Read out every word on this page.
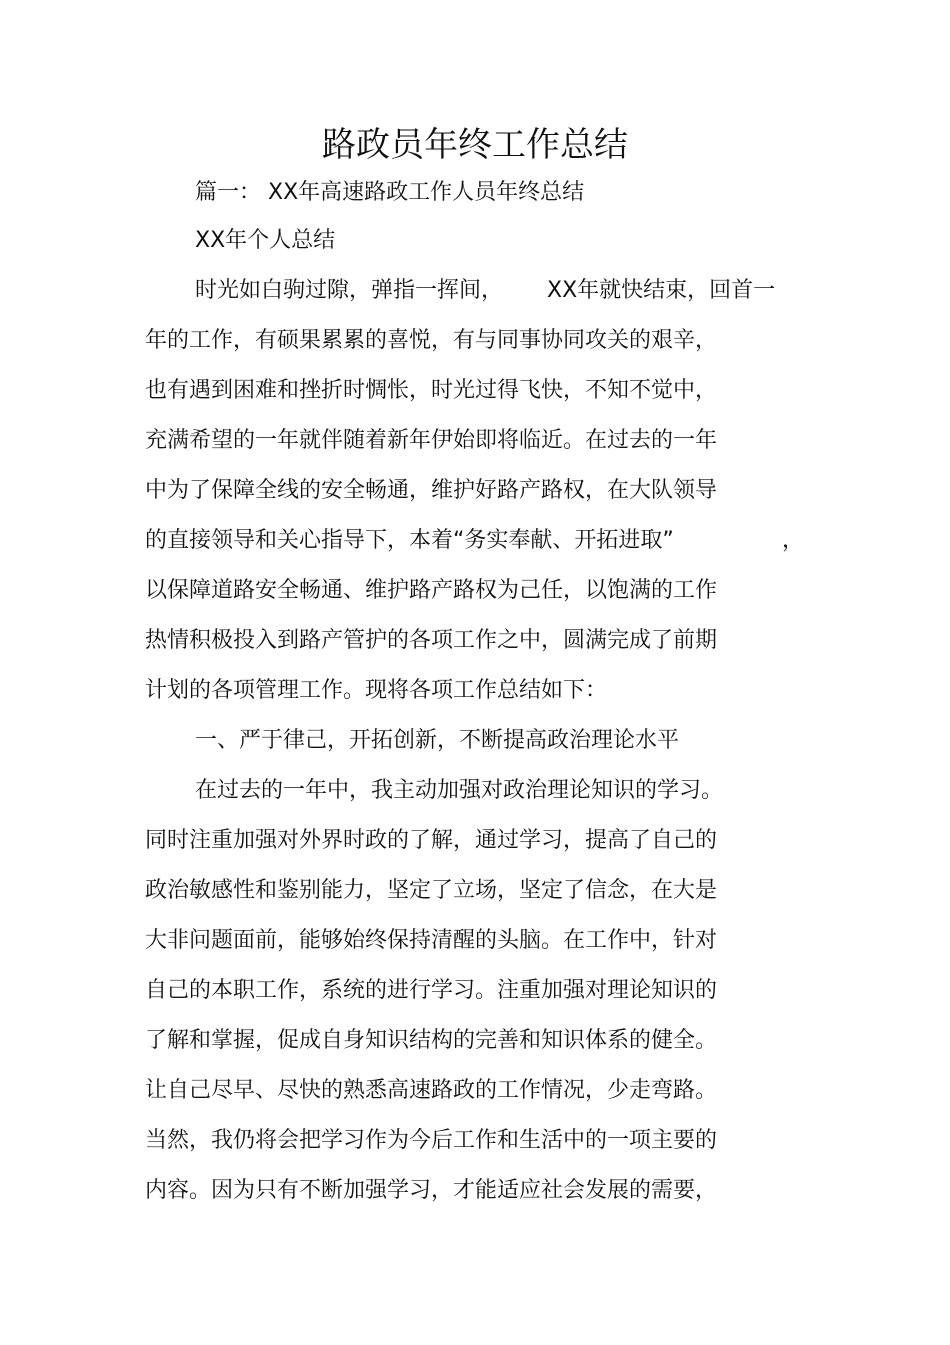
路政员年终工作总结

篇一： XX年高速路政工作人员年终总结

XX年个人总结

时光如白驹过隙，弹指一挥间， XX年就快结束，回首一

年的工作，有硕果累累的喜悦，有与同事协同攻关的艰辛，

也有遇到困难和挫折时惆怅，时光过得飞快，不知不觉中，

充满希望的一年就伴随着新年伊始即将临近。在过去的一年

中为了保障全线的安全畅通，维护好路产路权，在大队领导

的直接领导和关心指导下，本着“务实奉献、开拓进取”	，

以保障道路安全畅通、维护路产路权为己任，以饱满的工作

热情积极投入到路产管护的各项工作之中，圆满完成了前期

计划的各项管理工作。现将各项工作总结如下：

一、严于律己，开拓创新，不断提高政治理论水平

在过去的一年中，我主动加强对政治理论知识的学习。

同时注重加强对外界时政的了解，通过学习，提高了自己的

政治敏感性和鉴别能力，坚定了立场，坚定了信念，在大是

大非问题面前，能够始终保持清醒的头脑。在工作中，针对

自己的本职工作，系统的进行学习。注重加强对理论知识的

了解和掌握，促成自身知识结构的完善和知识体系的健全。

让自己尽早、尽快的熟悉高速路政的工作情况，少走弯路。

当然，我仍将会把学习作为今后工作和生活中的一项主要的

内容。因为只有不断加强学习，才能适应社会发展的需要，
